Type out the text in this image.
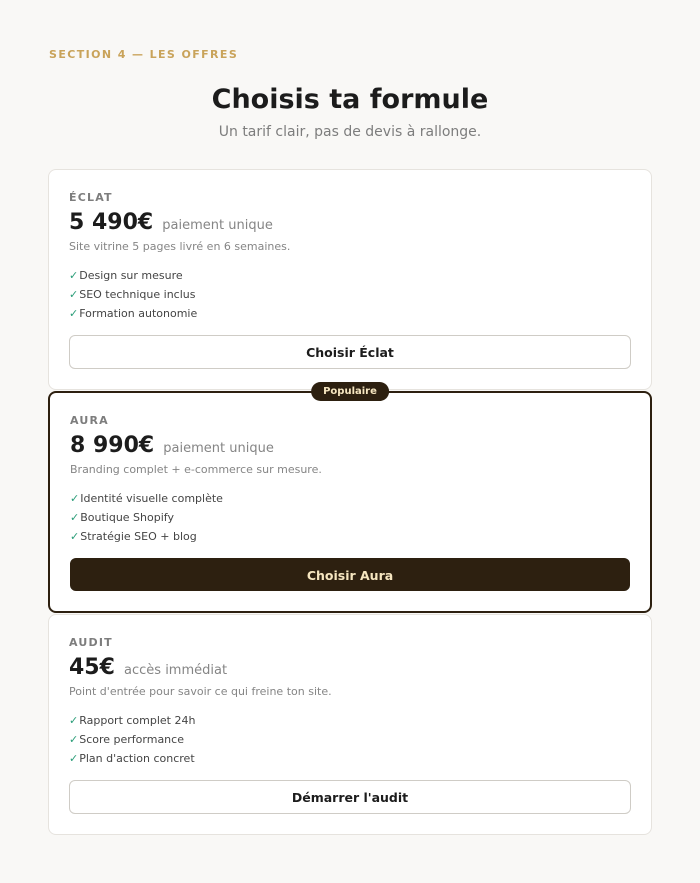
SECTION 4 — LES OFFRES
Choisis ta formule

Un tarif clair, pas de devis à rallonge.

ÉCLAT
5 490€ paiement unique
Site vitrine 5 pages livré en 6 semaines.
✓Design sur mesure
✓SEO technique inclus
✓Formation autonomie
Choisir Éclat
Populaire
AURA
8 990€ paiement unique
Branding complet + e-commerce sur mesure.
✓Identité visuelle complète
✓Boutique Shopify
✓Stratégie SEO + blog
Choisir Aura
AUDIT
45€ accès immédiat
Point d'entrée pour savoir ce qui freine ton site.
✓Rapport complet 24h
✓Score performance
✓Plan d'action concret
Démarrer l'audit
